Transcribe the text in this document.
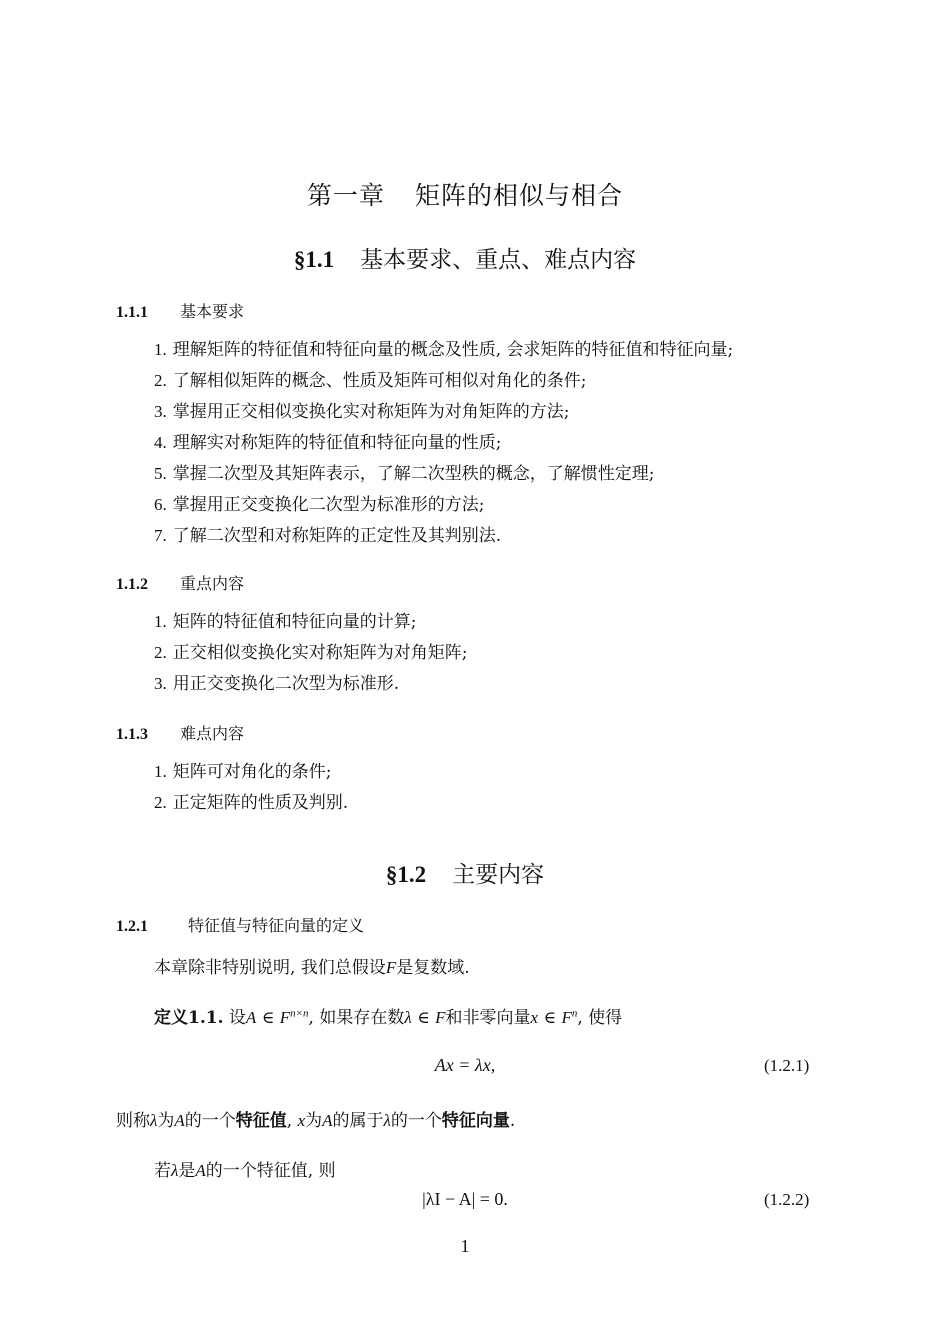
第一章 矩阵的相似与相合
§1.1 基本要求、重点、难点内容
1.1.1 基本要求
1. 理解矩阵的特征值和特征向量的概念及性质, 会求矩阵的特征值和特征向量;
2. 了解相似矩阵的概念、性质及矩阵可相似对角化的条件;
3. 掌握用正交相似变换化实对称矩阵为对角矩阵的方法;
4. 理解实对称矩阵的特征值和特征向量的性质;
5. 掌握二次型及其矩阵表示，了解二次型秩的概念，了解惯性定理;
6. 掌握用正交变换化二次型为标准形的方法;
7. 了解二次型和对称矩阵的正定性及其判别法.
1.1.2 重点内容
1. 矩阵的特征值和特征向量的计算;
2. 正交相似变换化实对称矩阵为对角矩阵;
3. 用正交变换化二次型为标准形.
1.1.3 难点内容
1. 矩阵可对角化的条件;
2. 正定矩阵的性质及判别.
§1.2 主要内容
1.2.1	特征值与特征向量的定义
本章除非特别说明, 我们总假设F是复数域.
定义1.1. 设A ∈ $F^{n\times n}$, 如果存在数λ ∈ F和非零向量x ∈ $F^n$, 使得
Ax = λx,	(1.2.1)
则称λ为A的一个特征值, x为A的属于λ的一个特征向量.
若λ是A的一个特征值, 则
|λI − A| = 0.	(1.2.2)
1
